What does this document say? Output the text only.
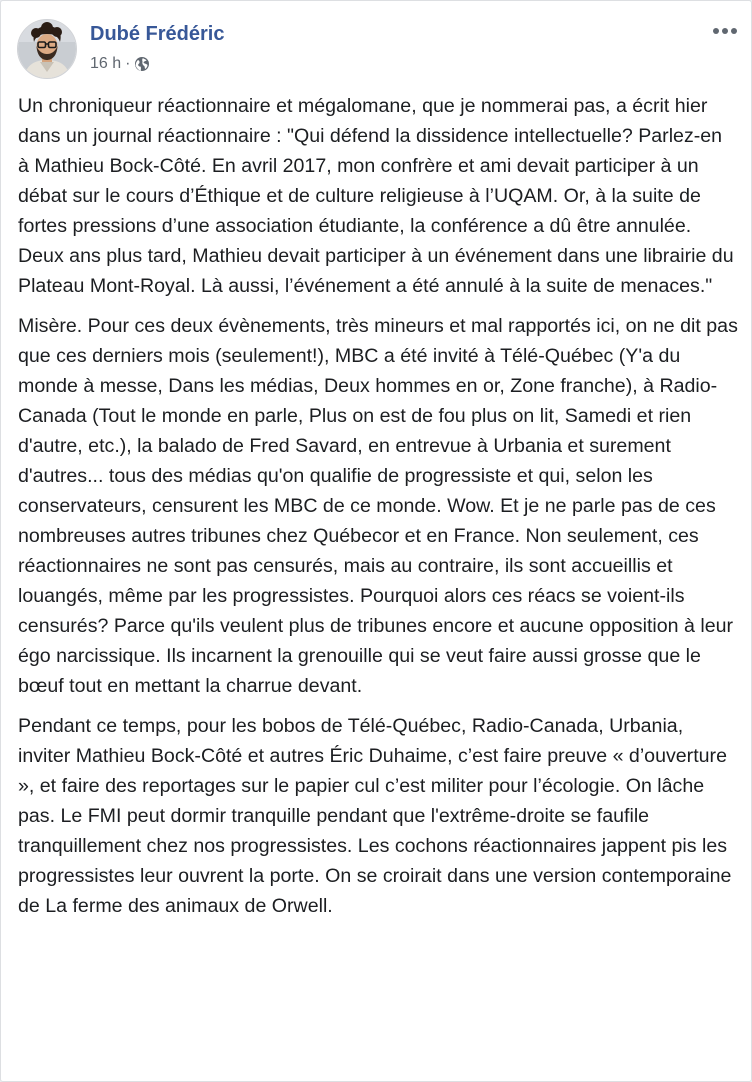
Dubé Frédéric
16 h ·

Un chroniqueur réactionnaire et mégalomane, que je nommerai pas, a écrit hier dans un journal réactionnaire : "Qui défend la dissidence intellectuelle? Parlez-en à Mathieu Bock-Côté. En avril 2017, mon confrère et ami devait participer à un débat sur le cours d’Éthique et de culture religieuse à l’UQAM. Or, à la suite de fortes pressions d’une association étudiante, la conférence a dû être annulée. Deux ans plus tard, Mathieu devait participer à un événement dans une librairie du Plateau Mont-Royal. Là aussi, l’événement a été annulé à la suite de menaces."

Misère. Pour ces deux évènements, très mineurs et mal rapportés ici, on ne dit pas que ces derniers mois (seulement!), MBC a été invité à Télé-Québec (Y'a du monde à messe, Dans les médias, Deux hommes en or, Zone franche), à Radio-Canada (Tout le monde en parle, Plus on est de fou plus on lit, Samedi et rien d'autre, etc.), la balado de Fred Savard, en entrevue à Urbania et surement d'autres... tous des médias qu'on qualifie de progressiste et qui, selon les conservateurs, censurent les MBC de ce monde. Wow. Et je ne parle pas de ces nombreuses autres tribunes chez Québecor et en France. Non seulement, ces réactionnaires ne sont pas censurés, mais au contraire, ils sont accueillis et louangés, même par les progressistes. Pourquoi alors ces réacs se voient-ils censurés? Parce qu'ils veulent plus de tribunes encore et aucune opposition à leur égo narcissique. Ils incarnent la grenouille qui se veut faire aussi grosse que le bœuf tout en mettant la charrue devant.

Pendant ce temps, pour les bobos de Télé-Québec, Radio-Canada, Urbania, inviter Mathieu Bock-Côté et autres Éric Duhaime, c’est faire preuve « d’ouverture », et faire des reportages sur le papier cul c’est militer pour l’écologie. On lâche pas. Le FMI peut dormir tranquille pendant que l'extrême-droite se faufile tranquillement chez nos progressistes. Les cochons réactionnaires jappent pis les progressistes leur ouvrent la porte. On se croirait dans une version contemporaine de La ferme des animaux de Orwell.
